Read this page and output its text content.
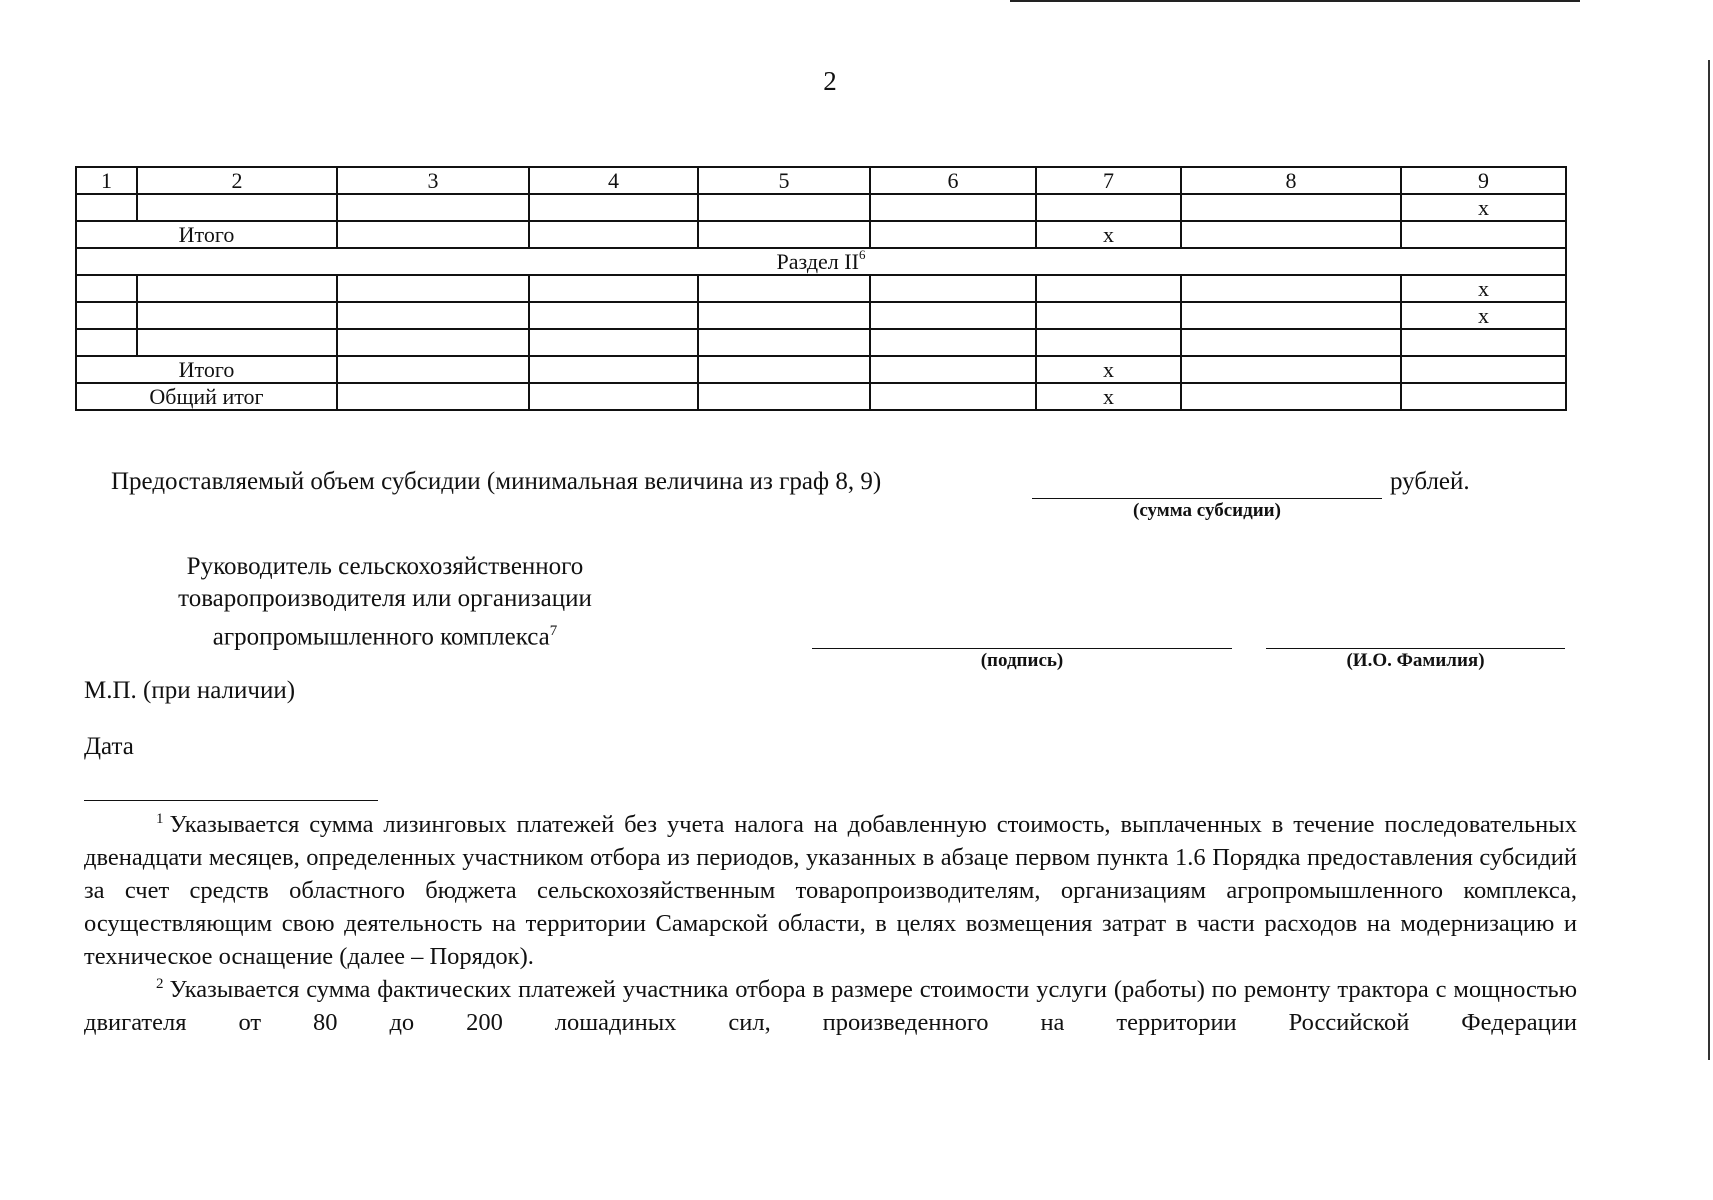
2
1	2	3	4	5	6	7	8	9
								x
Итого						x		
Раздел $II^6$
								x
								x

Итого						x		
Общий итог						x		
Предоставляемый объем субсидии (минимальная величина из граф 8, 9)	рублей.
(сумма субсидии)
Руководитель сельскохозяйственного
товаропроизводителя или организации
агропромышленного комплекса$^7$
(подпись)	(И.О. Фамилия)
М.П. (при наличии)
Дата

$^1$ Указывается сумма лизинговых платежей без учета налога на добавленную стоимость, выплаченных в течение последовательных двенадцати месяцев, определенных участником отбора из периодов, указанных в абзаце первом пункта 1.6 Порядка предоставления субсидий за счет средств областного бюджета сельскохозяйственным товаропроизводителям, организациям агропромышленного комплекса, осуществляющим свою деятельность на территории Самарской области, в целях возмещения затрат в части расходов на модернизацию и техническое оснащение (далее – Порядок).

$^2$ Указывается сумма фактических платежей участника отбора в размере стоимости услуги (работы) по ремонту трактора с мощностью двигателя от 80 до 200 лошадиных сил, произведенного на территории Российской Федерации
